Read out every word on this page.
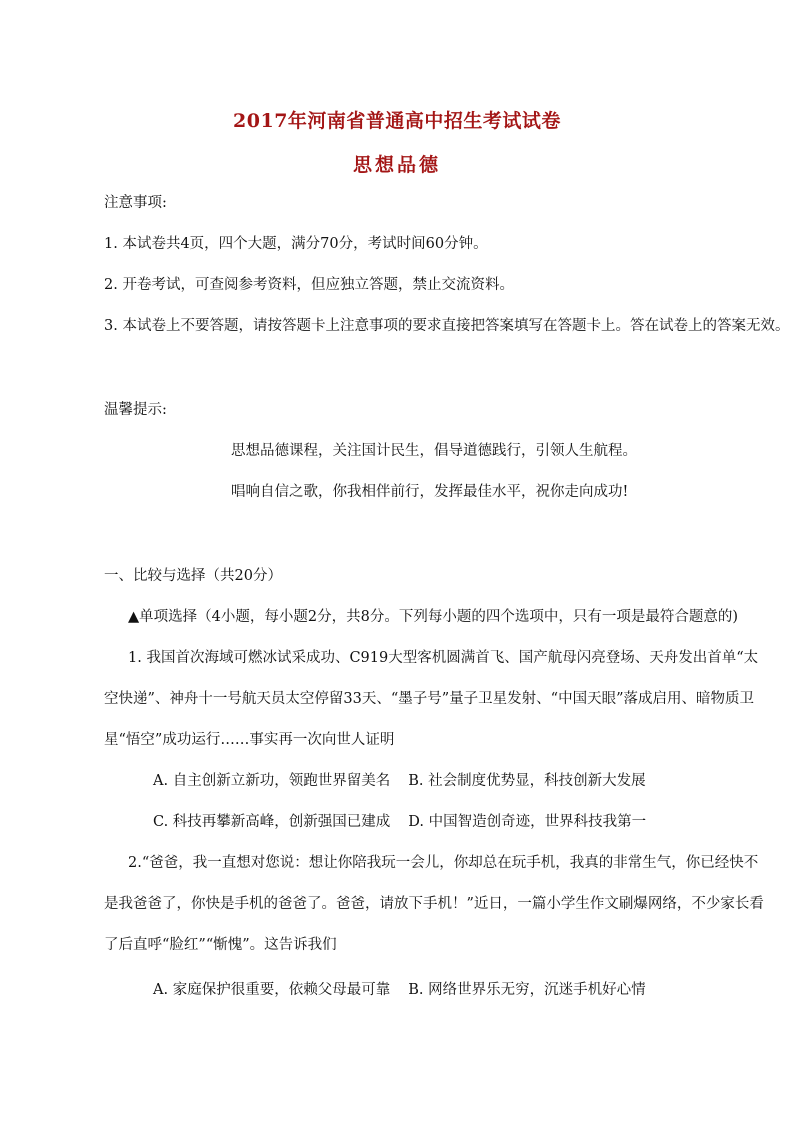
2017年河南省普通高中招生考试试卷
思想品德

注意事项:

1. 本试卷共4页，四个大题，满分70分，考试时间60分钟。

2. 开卷考试，可查阅参考资料，但应独立答题，禁止交流资料。

3. 本试卷上不要答题，请按答题卡上注意事项的要求直接把答案填写在答题卡上。答在试卷上的答案无效。

温馨提示:

思想品德课程，关注国计民生，倡导道德践行，引领人生航程。

唱响自信之歌，你我相伴前行，发挥最佳水平，祝你走向成功!

一、比较与选择（共20分）

▲单项选择（4小题，每小题2分，共8分。下列每小题的四个选项中，只有一项是最符合题意的)

1. 我国首次海域可燃冰试采成功、C919大型客机圆满首飞、国产航母闪亮登场、天舟发出首单“太

空快递”、神舟十一号航天员太空停留33天、“墨子号”量子卫星发射、“中国天眼”落成启用、暗物质卫

星“悟空”成功运行……事实再一次向世人证明

A. 自主创新立新功，领跑世界留美名 B. 社会制度优势显，科技创新大发展

C. 科技再攀新高峰，创新强国已建成 D. 中国智造创奇迹，世界科技我第一

2.“爸爸，我一直想对您说：想让你陪我玩一会儿，你却总在玩手机，我真的非常生气，你已经快不

是我爸爸了，你快是手机的爸爸了。爸爸，请放下手机！”近日，一篇小学生作文刷爆网络，不少家长看

了后直呼“脸红”“惭愧”。这告诉我们

A. 家庭保护很重要，依赖父母最可靠 B. 网络世界乐无穷，沉迷手机好心情
